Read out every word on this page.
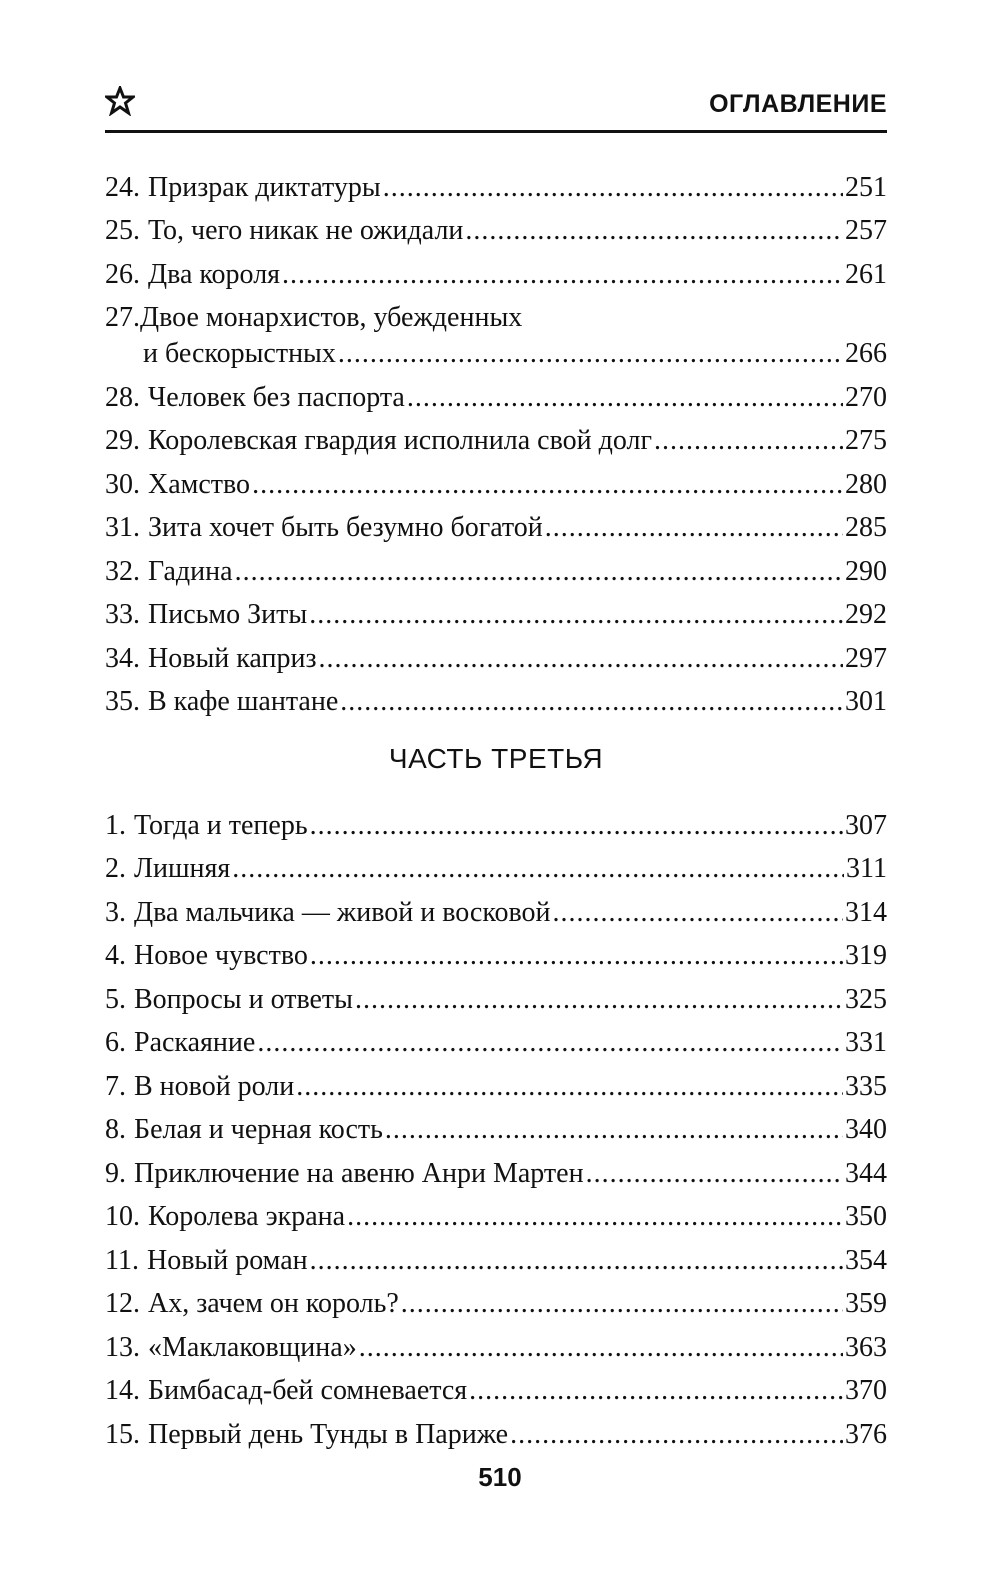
ОГЛАВЛЕНИЕ
24. Призрак диктатуры .....	251
25. То, чего никак не ожидали .....	257
26. Два короля .....	261
27.Двое монархистов, убежденных
и бескорыстных .....	266
28. Человек без паспорта .....	270
29. Королевская гвардия исполнила свой долг .....	275
30. Хамство .....	280
31. Зита хочет быть безумно богатой .....	285
32. Гадина .....	290
33. Письмо Зиты .....	292
34. Новый каприз .....	297
35. В кафе шантане .....	301
ЧАСТЬ ТРЕТЬЯ
1. Тогда и теперь .....	307
2. Лишняя .....	311
3. Два мальчика — живой и восковой .....	314
4. Новое чувство .....	319
5. Вопросы и ответы .....	325
6. Раскаяние .....	331
7. В новой роли .....	335
8. Белая и черная кость .....	340
9. Приключение на авеню Анри Мартен .....	344
10. Королева экрана .....	350
11. Новый роман .....	354
12. Ах, зачем он король? .....	359
13. «Маклаковщина» .....	363
14. Бимбасад-бей сомневается .....	370
15. Первый день Тунды в Париже .....	376
510
